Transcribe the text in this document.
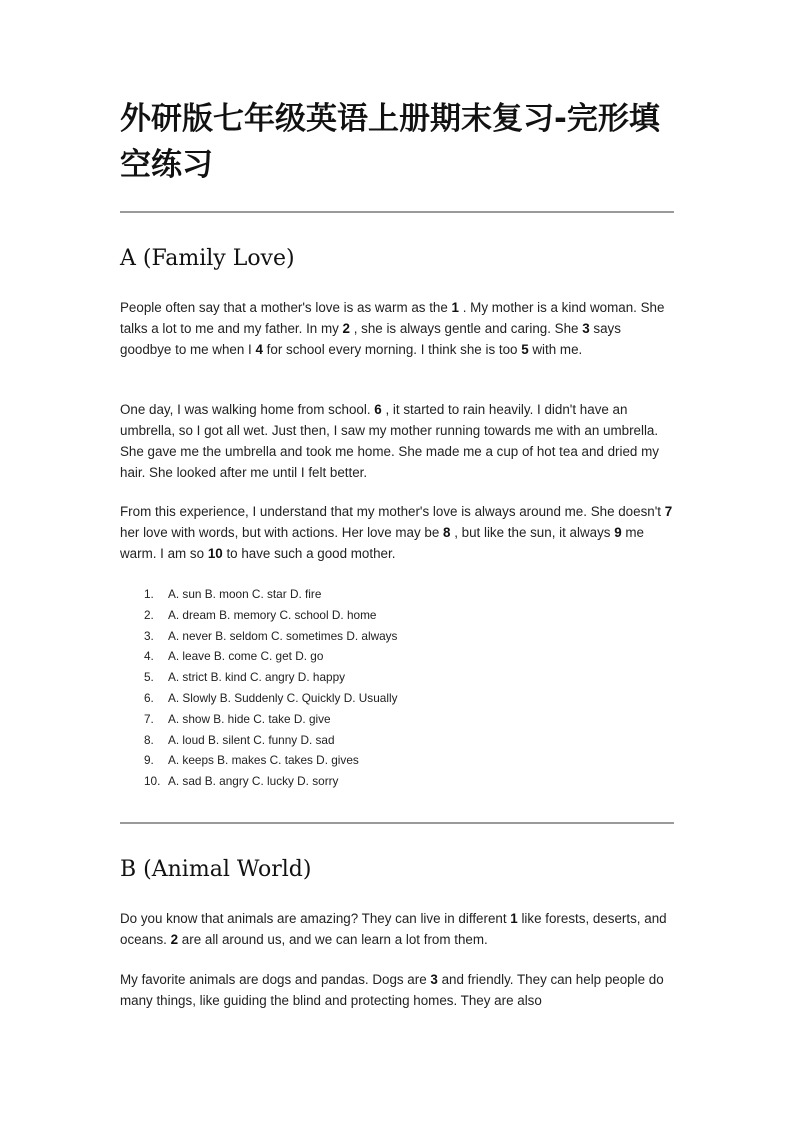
外研版七年级英语上册期末复习-完形填空练习
A (Family Love)

People often say that a mother's love is as warm as the 1 . My mother is a kind woman. She talks a lot to me and my father. In my 2 , she is always gentle and caring. She 3 says goodbye to me when I 4 for school every morning. I think she is too 5 with me.

One day, I was walking home from school. 6 , it started to rain heavily. I didn't have an umbrella, so I got all wet. Just then, I saw my mother running towards me with an umbrella. She gave me the umbrella and took me home. She made me a cup of hot tea and dried my hair. She looked after me until I felt better.

From this experience, I understand that my mother's love is always around me. She doesn't 7 her love with words, but with actions. Her love may be 8 , but like the sun, it always 9 me warm. I am so 10 to have such a good mother.

1. A. sun B. moon C. star D. fire
2. A. dream B. memory C. school D. home
3. A. never B. seldom C. sometimes D. always
4. A. leave B. come C. get D. go
5. A. strict B. kind C. angry D. happy
6. A. Slowly B. Suddenly C. Quickly D. Usually
7. A. show B. hide C. take D. give
8. A. loud B. silent C. funny D. sad
9. A. keeps B. makes C. takes D. gives
10. A. sad B. angry C. lucky D. sorry
B (Animal World)

Do you know that animals are amazing? They can live in different 1 like forests, deserts, and oceans. 2 are all around us, and we can learn a lot from them.

My favorite animals are dogs and pandas. Dogs are 3 and friendly. They can help people do many things, like guiding the blind and protecting homes. They are also
